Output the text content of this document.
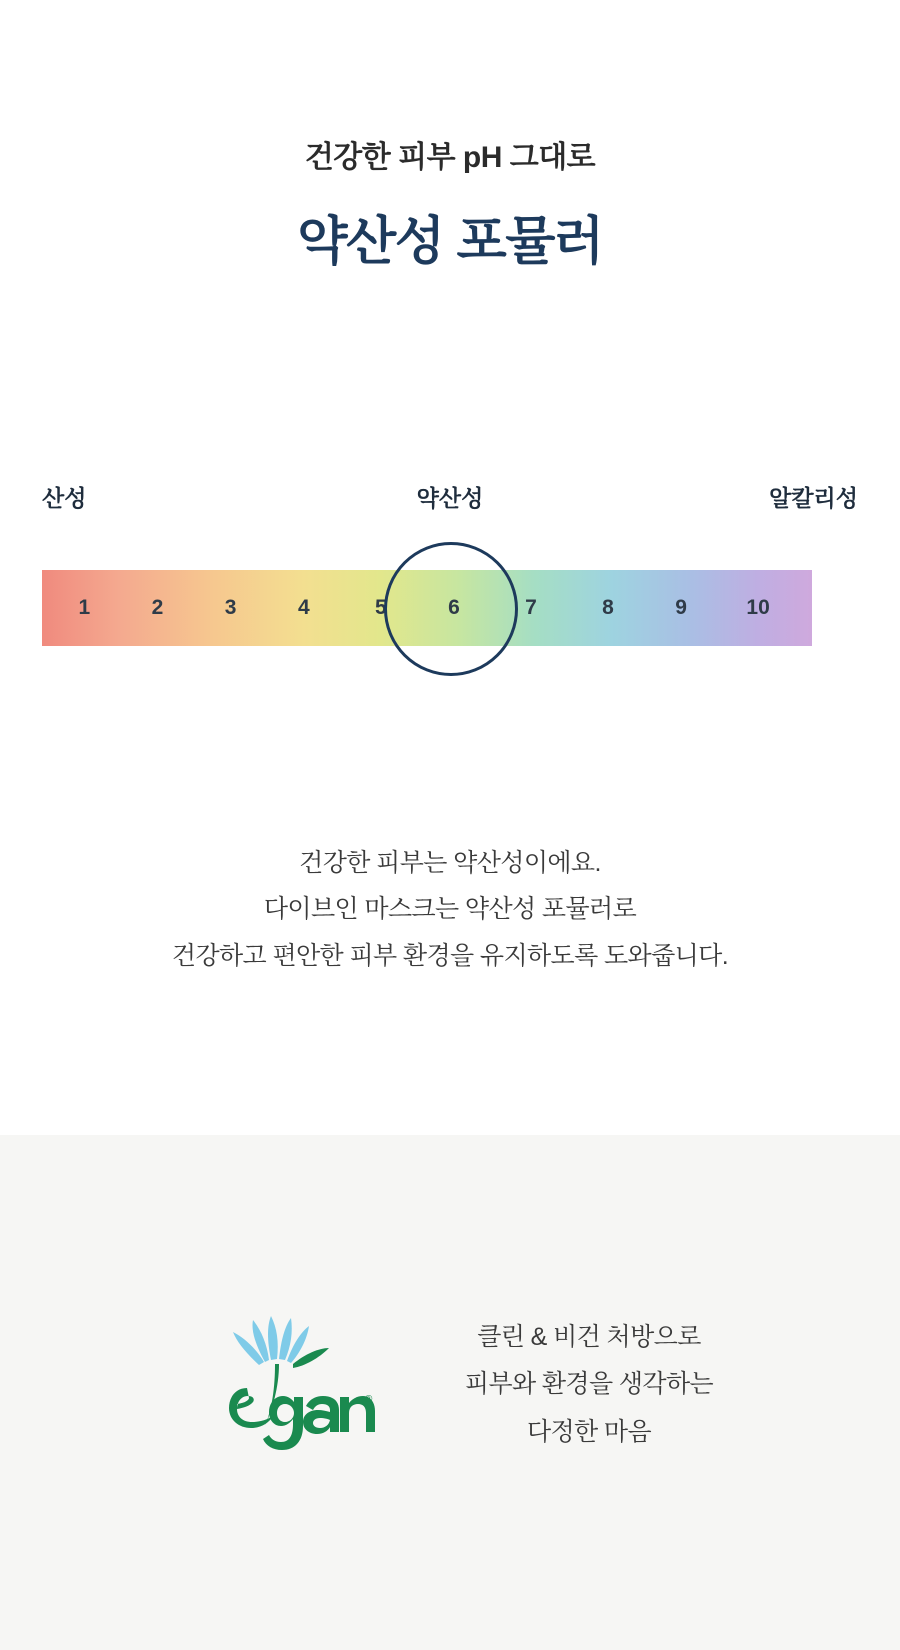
건강한 피부 pH 그대로
약산성 포뮬러
산성	약산성	알칼리성
1	2	3	4	5	6	7	8	9	10
건강한 피부는 약산성이에요.
다이브인 마스크는 약산성 포뮬러로
건강하고 편안한 피부 환경을 유지하도록 도와줍니다.
®
클린 & 비건 처방으로
피부와 환경을 생각하는
다정한 마음
